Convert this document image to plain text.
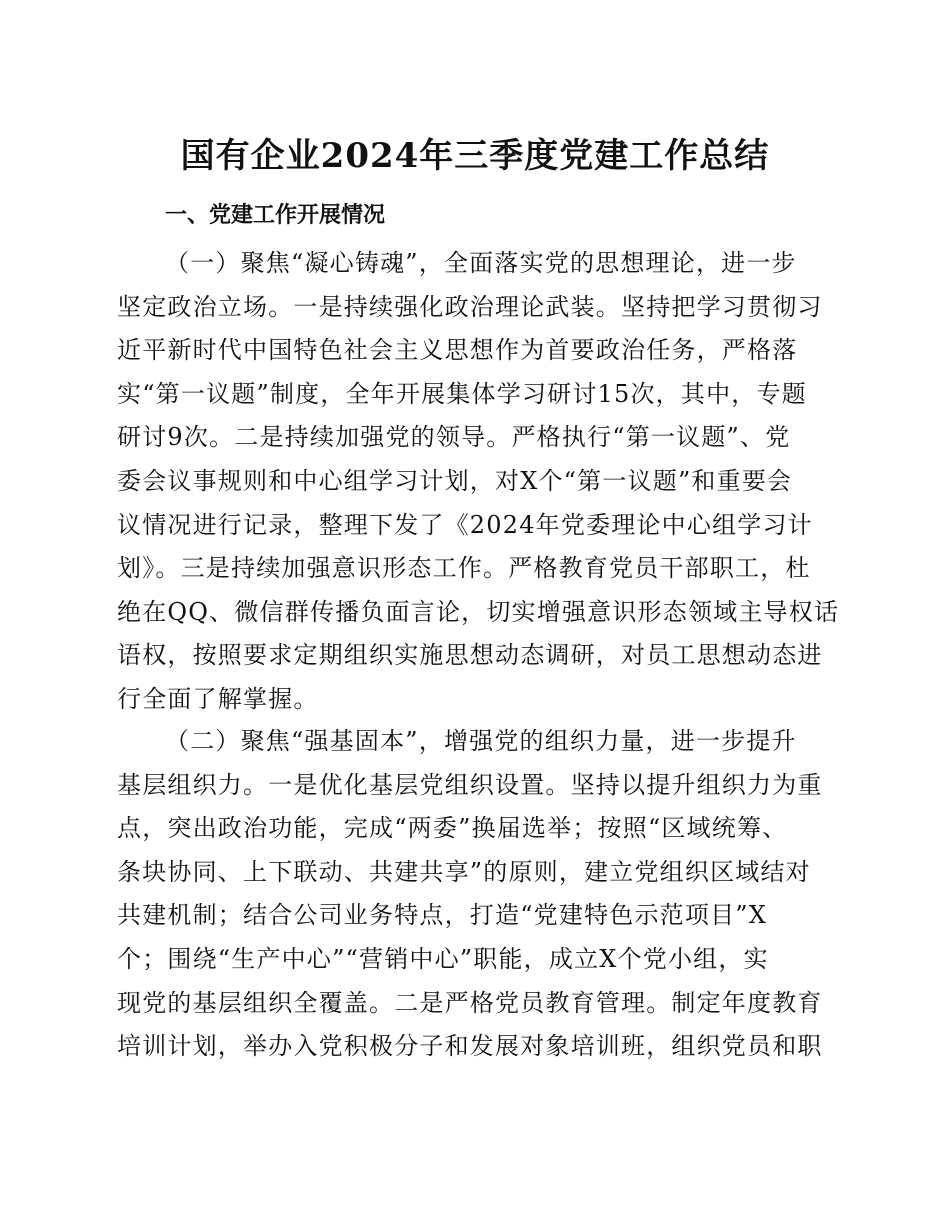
国有企业2024年三季度党建工作总结
一、党建工作开展情况
（一）聚焦“凝心铸魂”，全面落实党的思想理论，进一步
坚定政治立场。一是持续强化政治理论武装。坚持把学习贯彻习
近平新时代中国特色社会主义思想作为首要政治任务，严格落
实“第一议题”制度，全年开展集体学习研讨15次，其中，专题
研讨9次。二是持续加强党的领导。严格执行“第一议题”、党
委会议事规则和中心组学习计划，对X个“第一议题”和重要会
议情况进行记录，整理下发了《2024年党委理论中心组学习计
划》。三是持续加强意识形态工作。严格教育党员干部职工，杜
绝在QQ、微信群传播负面言论，切实增强意识形态领域主导权话
语权，按照要求定期组织实施思想动态调研，对员工思想动态进
行全面了解掌握。
（二）聚焦“强基固本”，增强党的组织力量，进一步提升
基层组织力。一是优化基层党组织设置。坚持以提升组织力为重
点，突出政治功能，完成“两委”换届选举；按照“区域统筹、
条块协同、上下联动、共建共享”的原则，建立党组织区域结对
共建机制；结合公司业务特点，打造“党建特色示范项目”X
个；围绕“生产中心”“营销中心”职能，成立X个党小组，实
现党的基层组织全覆盖。二是严格党员教育管理。制定年度教育
培训计划，举办入党积极分子和发展对象培训班，组织党员和职
